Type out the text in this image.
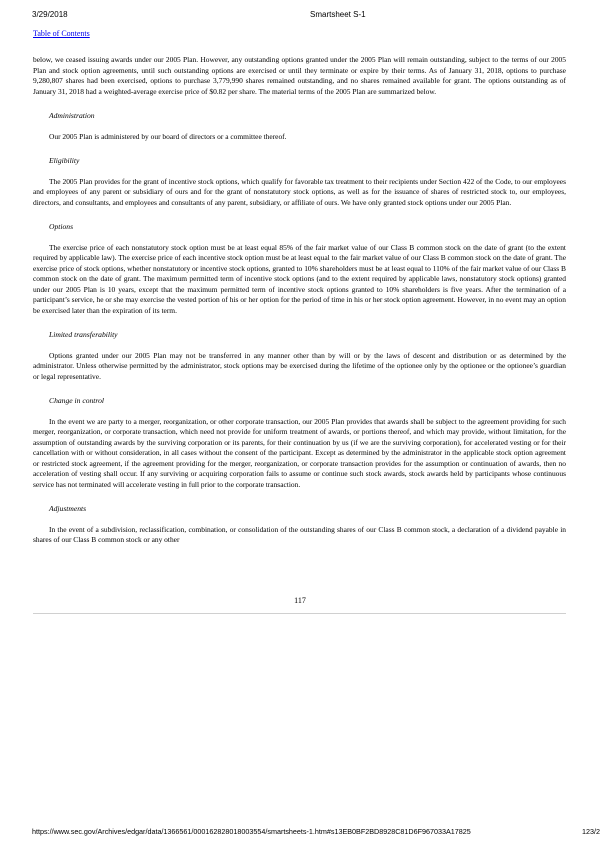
3/29/2018	Smartsheet S-1
Table of Contents

below, we ceased issuing awards under our 2005 Plan. However, any outstanding options granted under the 2005 Plan will remain outstanding, subject to the terms of our 2005 Plan and stock option agreements, until such outstanding options are exercised or until they terminate or expire by their terms. As of January 31, 2018, options to purchase 9,280,807 shares had been exercised, options to purchase 3,779,990 shares remained outstanding, and no shares remained available for grant. The options outstanding as of January 31, 2018 had a weighted-average exercise price of $0.82 per share. The material terms of the 2005 Plan are summarized below.

Administration

Our 2005 Plan is administered by our board of directors or a committee thereof.

Eligibility

The 2005 Plan provides for the grant of incentive stock options, which qualify for favorable tax treatment to their recipients under Section 422 of the Code, to our employees and employees of any parent or subsidiary of ours and for the grant of nonstatutory stock options, as well as for the issuance of shares of restricted stock to, our employees, directors, and consultants, and employees and consultants of any parent, subsidiary, or affiliate of ours. We have only granted stock options under our 2005 Plan.

Options

The exercise price of each nonstatutory stock option must be at least equal 85% of the fair market value of our Class B common stock on the date of grant (to the extent required by applicable law). The exercise price of each incentive stock option must be at least equal to the fair market value of our Class B common stock on the date of grant. The exercise price of stock options, whether nonstatutory or incentive stock options, granted to 10% shareholders must be at least equal to 110% of the fair market value of our Class B common stock on the date of grant. The maximum permitted term of incentive stock options (and to the extent required by applicable laws, nonstatutory stock options) granted under our 2005 Plan is 10 years, except that the maximum permitted term of incentive stock options granted to 10% shareholders is five years. After the termination of a participant’s service, he or she may exercise the vested portion of his or her option for the period of time in his or her stock option agreement. However, in no event may an option be exercised later than the expiration of its term.

Limited transferability

Options granted under our 2005 Plan may not be transferred in any manner other than by will or by the laws of descent and distribution or as determined by the administrator. Unless otherwise permitted by the administrator, stock options may be exercised during the lifetime of the optionee only by the optionee or the optionee’s guardian or legal representative.

Change in control

In the event we are party to a merger, reorganization, or other corporate transaction, our 2005 Plan provides that awards shall be subject to the agreement providing for such merger, reorganization, or corporate transaction, which need not provide for uniform treatment of awards, or portions thereof, and which may provide, without limitation, for the assumption of outstanding awards by the surviving corporation or its parents, for their continuation by us (if we are the surviving corporation), for accelerated vesting or for their cancellation with or without consideration, in all cases without the consent of the participant. Except as determined by the administrator in the applicable stock option agreement or restricted stock agreement, if the agreement providing for the merger, reorganization, or corporate transaction provides for the assumption or continuation of awards, then no acceleration of vesting shall occur. If any surviving or acquiring corporation fails to assume or continue such stock awards, stock awards held by participants whose continuous service has not terminated will accelerate vesting in full prior to the corporate transaction.

Adjustments

In the event of a subdivision, reclassification, combination, or consolidation of the outstanding shares of our Class B common stock, a declaration of a dividend payable in shares of our Class B common stock or any other

117
https://www.sec.gov/Archives/edgar/data/1366561/000162828018003554/smartsheets-1.htm#s13EB0BF2BD8928C81D6F967033A17825	123/2
